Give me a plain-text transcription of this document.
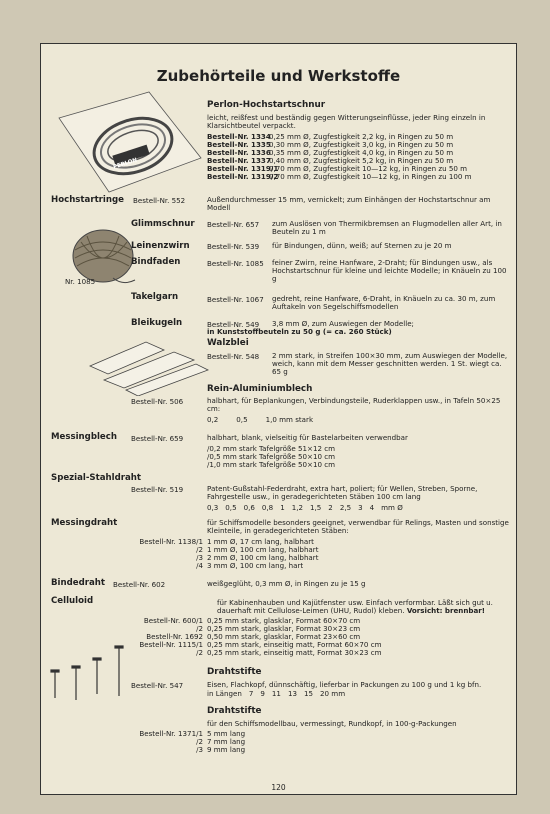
Zubehörteile und Werkstoffe
PERLON
Perlon-Hochstartschnur
leicht, reißfest und beständig gegen Witterungseinflüsse, jeder Ring einzeln in Klarsichtbeutel verpackt.
Bestell-Nr. 1334
0,25 mm Ø, Zugfestigkeit 2,2 kg, in Ringen zu 50 m
Bestell-Nr. 1335
0,30 mm Ø, Zugfestigkeit 3,0 kg, in Ringen zu 50 m
Bestell-Nr. 1336
0,35 mm Ø, Zugfestigkeit 4,0 kg, in Ringen zu 50 m
Bestell-Nr. 1337
0,40 mm Ø, Zugfestigkeit 5,2 kg, in Ringen zu 50 m
Bestell-Nr. 1319/1
0,70 mm Ø, Zugfestigkeit 10—12 kg, in Ringen zu 50 m
Bestell-Nr. 1319/2
0,70 mm Ø, Zugfestigkeit 10—12 kg, in Ringen zu 100 m
Hochstartringe Bestell-Nr. 552	Außendurchmesser 15 mm, vernickelt; zum Einhängen der Hochstartschnur am Modell
Nr. 1085
Glimmschnur Bestell-Nr. 657 zum Auslösen von Thermikbremsen an Flugmodellen aller Art, in Beuteln zu 1 m
Leinenzwirn Bestell-Nr. 539 für Bindungen, dünn, weiß; auf Sternen zu je 20 m
Bindfaden	Bestell-Nr. 1085 feiner Zwirn, reine Hanfware, 2-Draht; für Bindungen usw., als Hochstartschnur für kleine und leichte Modelle; in Knäueln zu 100 g
Takelgarn	Bestell-Nr. 1067 gedreht, reine Hanfware, 6-Draht, in Knäueln zu ca. 30 m, zum Auftakeln von Segelschiffsmodellen
Bleikugeln	Bestell-Nr. 549 3,8 mm Ø, zum Auswiegen der Modelle;
in Kunststoffbeuteln zu 50 g (= ca. 260 Stück)
Walzblei
Bestell-Nr. 548 2 mm stark, in Streifen 100×30 mm, zum Auswiegen der Modelle, weich, kann mit dem Messer geschnitten werden. 1 St. wiegt ca. 65 g
Rein-Aluminiumblech
Bestell-Nr. 506	halbhart, für Beplankungen, Verbindungsteile, Ruderklappen usw., in Tafeln 50×25 cm:
0,2	0,5	1,0 mm stark
Messingblech Bestell-Nr. 659	halbhart, blank, vielseitig für Bastelarbeiten verwendbar
/0,2 mm stark Tafelgröße 51×12 cm
/0,5 mm stark Tafelgröße 50×10 cm
/1,0 mm stark Tafelgröße 50×10 cm
Spezial-Stahldraht
Bestell-Nr. 519	Patent-Gußstahl-Federdraht, extra hart, poliert; für Wellen, Streben, Sporne, Fahrgestelle usw., in geradegerichteten Stäben 100 cm lang
0,3 0,5 0,6 0,8 1 1,2 1,5 2 2,5 3 4 mm Ø
Messingdraht	für Schiffsmodelle besonders geeignet, verwendbar für Relings, Masten und sonstige Kleinteile, in geradegerichteten Stäben:
Bestell-Nr. 1138/1 1 mm Ø, 17 cm lang, halbhart
/2 1 mm Ø, 100 cm lang, halbhart
/3 2 mm Ø, 100 cm lang, halbhart
/4 3 mm Ø, 100 cm lang, hart
Bindedraht Bestell-Nr. 602	weißgeglüht, 0,3 mm Ø, in Ringen zu je 15 g
Celluloid	für Kabinenhauben und Kajütfenster usw. Einfach verformbar. Läßt sich gut u. dauerhaft mit Cellulose-Leimen (UHU, Rudol) kleben. Vorsicht: brennbar!
Bestell-Nr. 600/1 0,25 mm stark, glasklar, Format 60×70 cm
/2 0,25 mm stark, glasklar, Format 30×23 cm
Bestell-Nr. 1692 0,50 mm stark, glasklar, Format 23×60 cm
Bestell-Nr. 1115/1 0,25 mm stark, einseitig matt, Format 60×70 cm
/2 0,25 mm stark, einseitig matt, Format 30×23 cm
Drahtstifte
Bestell-Nr. 547	Eisen, Flachkopf, dünnschäftig, lieferbar in Packungen zu 100 g und 1 kg bfn.
in Längen 7 9 11 13 15 20 mm
Drahtstifte
für den Schiffsmodellbau, vermessingt, Rundkopf, in 100-g-Packungen
Bestell-Nr. 1371/1 5 mm lang
/2 7 mm lang
/3 9 mm lang
120
